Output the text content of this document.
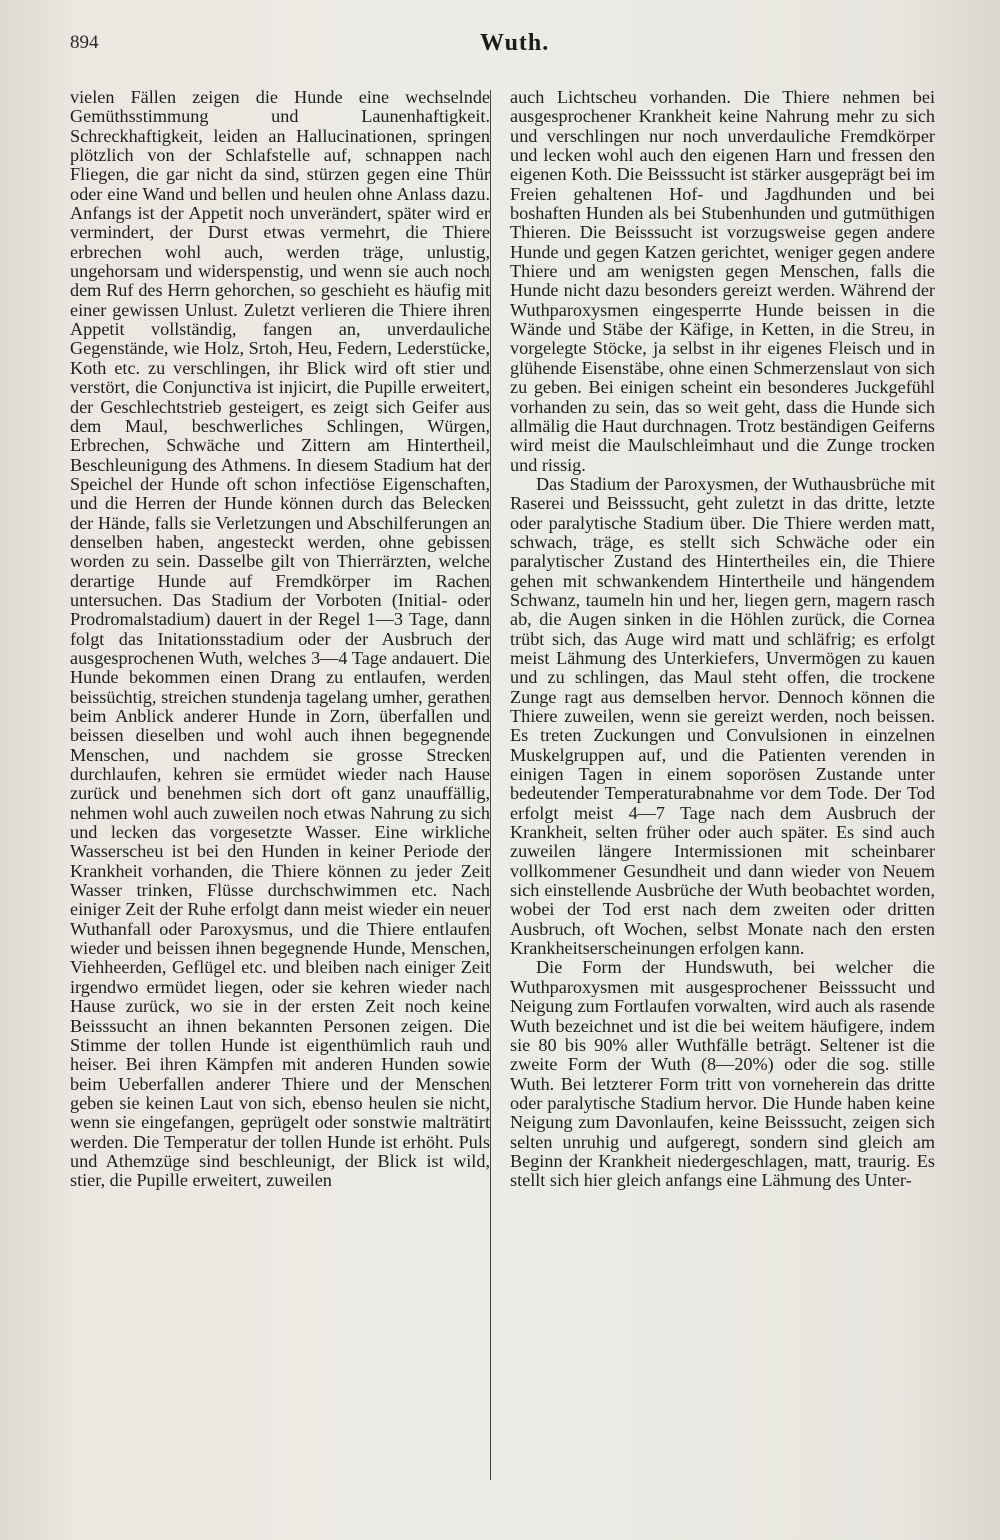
894	Wuth.

vielen Fällen zeigen die Hunde eine wechselnde Gemüthsstimmung und Launenhaftigkeit. Schreckhaftigkeit, leiden an Hallucinationen, springen plötzlich von der Schlafstelle auf, schnappen nach Fliegen, die gar nicht da sind, stürzen gegen eine Thür oder eine Wand und bellen und heulen ohne Anlass dazu. Anfangs ist der Appetit noch unverändert, später wird er vermindert, der Durst etwas vermehrt, die Thiere erbrechen wohl auch, werden träge, unlustig, ungehorsam und widerspenstig, und wenn sie auch noch dem Ruf des Herrn gehorchen, so geschieht es häufig mit einer gewissen Unlust. Zuletzt verlieren die Thiere ihren Appetit vollständig, fangen an, unverdauliche Gegenstände, wie Holz, Srtoh, Heu, Federn, Lederstücke, Koth etc. zu verschlingen, ihr Blick wird oft stier und verstört, die Conjunctiva ist injicirt, die Pupille erweitert, der Geschlechtstrieb gesteigert, es zeigt sich Geifer aus dem Maul, beschwerliches Schlingen, Würgen, Erbrechen, Schwäche und Zittern am Hintertheil, Beschleunigung des Athmens. In diesem Stadium hat der Speichel der Hunde oft schon infectiöse Eigenschaften, und die Herren der Hunde können durch das Belecken der Hände, falls sie Verletzungen und Abschilferungen an denselben haben, angesteckt werden, ohne gebissen worden zu sein. Dasselbe gilt von Thierrärzten, welche derartige Hunde auf Fremdkörper im Rachen untersuchen. Das Stadium der Vorboten (Initial- oder Prodromalstadium) dauert in der Regel 1—3 Tage, dann folgt das Initationsstadium oder der Ausbruch der ausgesprochenen Wuth, welches 3—4 Tage andauert. Die Hunde bekommen einen Drang zu entlaufen, werden beissüchtig, streichen stundenja tagelang umher, gerathen beim Anblick anderer Hunde in Zorn, überfallen und beissen dieselben und wohl auch ihnen begegnende Menschen, und nachdem sie grosse Strecken durchlaufen, kehren sie ermüdet wieder nach Hause zurück und benehmen sich dort oft ganz unauffällig, nehmen wohl auch zuweilen noch etwas Nahrung zu sich und lecken das vorgesetzte Wasser. Eine wirkliche Wasserscheu ist bei den Hunden in keiner Periode der Krankheit vorhanden, die Thiere können zu jeder Zeit Wasser trinken, Flüsse durchschwimmen etc. Nach einiger Zeit der Ruhe erfolgt dann meist wieder ein neuer Wuthanfall oder Paroxysmus, und die Thiere entlaufen wieder und beissen ihnen begegnende Hunde, Menschen, Viehheerden, Geflügel etc. und bleiben nach einiger Zeit irgendwo ermüdet liegen, oder sie kehren wieder nach Hause zurück, wo sie in der ersten Zeit noch keine Beisssucht an ihnen bekannten Personen zeigen. Die Stimme der tollen Hunde ist eigenthümlich rauh und heiser. Bei ihren Kämpfen mit anderen Hunden sowie beim Ueberfallen anderer Thiere und der Menschen geben sie keinen Laut von sich, ebenso heulen sie nicht, wenn sie eingefangen, geprügelt oder sonstwie malträtirt werden. Die Temperatur der tollen Hunde ist erhöht. Puls und Athemzüge sind beschleunigt, der Blick ist wild, stier, die Pupille erweitert, zuweilen

auch Lichtscheu vorhanden. Die Thiere nehmen bei ausgesprochener Krankheit keine Nahrung mehr zu sich und verschlingen nur noch unverdauliche Fremdkörper und lecken wohl auch den eigenen Harn und fressen den eigenen Koth. Die Beisssucht ist stärker ausgeprägt bei im Freien gehaltenen Hof- und Jagdhunden und bei boshaften Hunden als bei Stubenhunden und gutmüthigen Thieren. Die Beisssucht ist vorzugsweise gegen andere Hunde und gegen Katzen gerichtet, weniger gegen andere Thiere und am wenigsten gegen Menschen, falls die Hunde nicht dazu besonders gereizt werden. Während der Wuthparoxysmen eingesperrte Hunde beissen in die Wände und Stäbe der Käfige, in Ketten, in die Streu, in vorgelegte Stöcke, ja selbst in ihr eigenes Fleisch und in glühende Eisenstäbe, ohne einen Schmerzenslaut von sich zu geben. Bei einigen scheint ein besonderes Juckgefühl vorhanden zu sein, das so weit geht, dass die Hunde sich allmälig die Haut durchnagen. Trotz beständigen Geiferns wird meist die Maulschleimhaut und die Zunge trocken und rissig.

Das Stadium der Paroxysmen, der Wuthausbrüche mit Raserei und Beisssucht, geht zuletzt in das dritte, letzte oder paralytische Stadium über. Die Thiere werden matt, schwach, träge, es stellt sich Schwäche oder ein paralytischer Zustand des Hintertheiles ein, die Thiere gehen mit schwankendem Hintertheile und hängendem Schwanz, taumeln hin und her, liegen gern, magern rasch ab, die Augen sinken in die Höhlen zurück, die Cornea trübt sich, das Auge wird matt und schläfrig; es erfolgt meist Lähmung des Unterkiefers, Unvermögen zu kauen und zu schlingen, das Maul steht offen, die trockene Zunge ragt aus demselben hervor. Dennoch können die Thiere zuweilen, wenn sie gereizt werden, noch beissen. Es treten Zuckungen und Convulsionen in einzelnen Muskelgruppen auf, und die Patienten verenden in einigen Tagen in einem soporösen Zustande unter bedeutender Temperaturabnahme vor dem Tode. Der Tod erfolgt meist 4—7 Tage nach dem Ausbruch der Krankheit, selten früher oder auch später. Es sind auch zuweilen längere Intermissionen mit scheinbarer vollkommener Gesundheit und dann wieder von Neuem sich einstellende Ausbrüche der Wuth beobachtet worden, wobei der Tod erst nach dem zweiten oder dritten Ausbruch, oft Wochen, selbst Monate nach den ersten Krankheitserscheinungen erfolgen kann.

Die Form der Hundswuth, bei welcher die Wuthparoxysmen mit ausgesprochener Beisssucht und Neigung zum Fortlaufen vorwalten, wird auch als rasende Wuth bezeichnet und ist die bei weitem häufigere, indem sie 80 bis 90% aller Wuthfälle beträgt. Seltener ist die zweite Form der Wuth (8—20%) oder die sog. stille Wuth. Bei letzterer Form tritt von vorneherein das dritte oder paralytische Stadium hervor. Die Hunde haben keine Neigung zum Davonlaufen, keine Beisssucht, zeigen sich selten unruhig und aufgeregt, sondern sind gleich am Beginn der Krankheit niedergeschlagen, matt, traurig. Es stellt sich hier gleich anfangs eine Lähmung des Unter-
